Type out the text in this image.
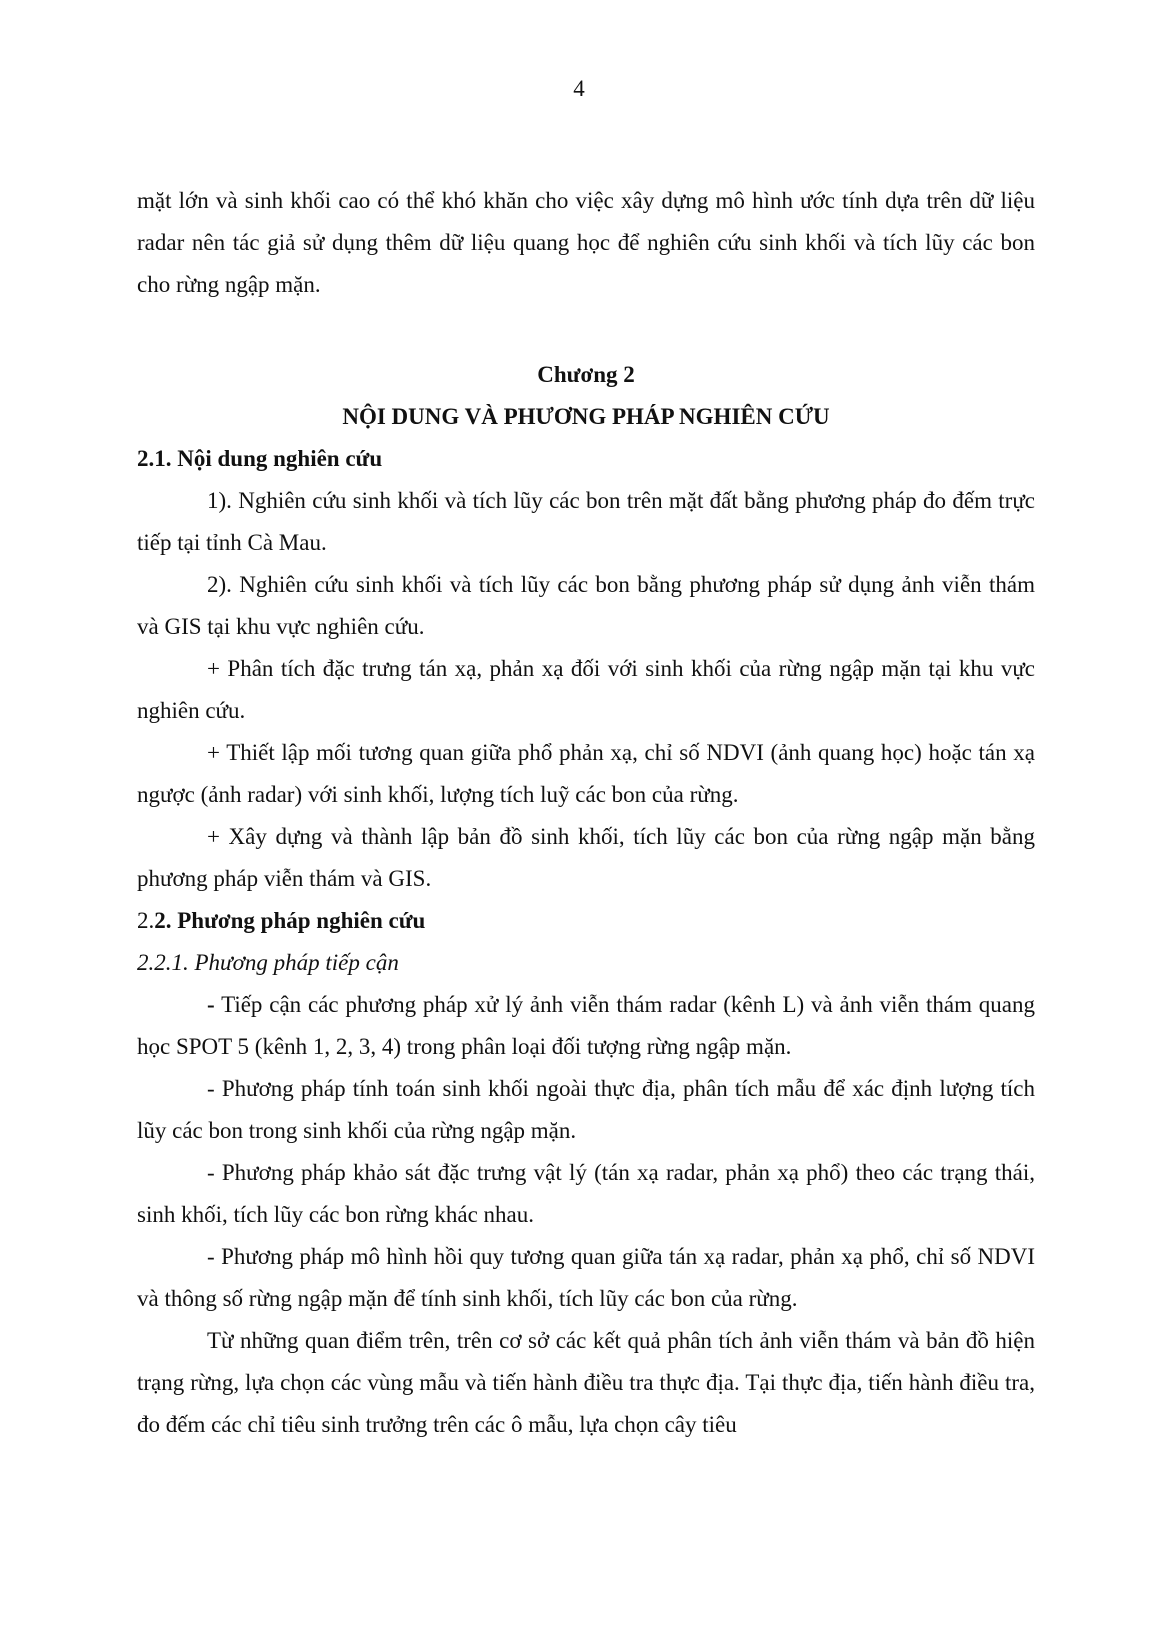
4

mặt lớn và sinh khối cao có thể khó khăn cho việc xây dựng mô hình ước tính dựa trên dữ liệu radar nên tác giả sử dụng thêm dữ liệu quang học để nghiên cứu sinh khối và tích lũy các bon cho rừng ngập mặn.

Chương 2

NỘI DUNG VÀ PHƯƠNG PHÁP NGHIÊN CỨU

2.1. Nội dung nghiên cứu

1). Nghiên cứu sinh khối và tích lũy các bon trên mặt đất bằng phương pháp đo đếm trực tiếp tại tỉnh Cà Mau.

2). Nghiên cứu sinh khối và tích lũy các bon bằng phương pháp sử dụng ảnh viễn thám và GIS tại khu vực nghiên cứu.

+ Phân tích đặc trưng tán xạ, phản xạ đối với sinh khối của rừng ngập mặn tại khu vực nghiên cứu.

+ Thiết lập mối tương quan giữa phổ phản xạ, chỉ số NDVI (ảnh quang học) hoặc tán xạ ngược (ảnh radar) với sinh khối, lượng tích luỹ các bon của rừng.

+ Xây dựng và thành lập bản đồ sinh khối, tích lũy các bon của rừng ngập mặn bằng phương pháp viễn thám và GIS.

2.2. Phương pháp nghiên cứu

2.2.1. Phương pháp tiếp cận

- Tiếp cận các phương pháp xử lý ảnh viễn thám radar (kênh L) và ảnh viễn thám quang học SPOT 5 (kênh 1, 2, 3, 4) trong phân loại đối tượng rừng ngập mặn.

- Phương pháp tính toán sinh khối ngoài thực địa, phân tích mẫu để xác định lượng tích lũy các bon trong sinh khối của rừng ngập mặn.

- Phương pháp khảo sát đặc trưng vật lý (tán xạ radar, phản xạ phổ) theo các trạng thái, sinh khối, tích lũy các bon rừng khác nhau.

- Phương pháp mô hình hồi quy tương quan giữa tán xạ radar, phản xạ phổ, chỉ số NDVI và thông số rừng ngập mặn để tính sinh khối, tích lũy các bon của rừng.

Từ những quan điểm trên, trên cơ sở các kết quả phân tích ảnh viễn thám và bản đồ hiện trạng rừng, lựa chọn các vùng mẫu và tiến hành điều tra thực địa. Tại thực địa, tiến hành điều tra, đo đếm các chỉ tiêu sinh trưởng trên các ô mẫu, lựa chọn cây tiêu
